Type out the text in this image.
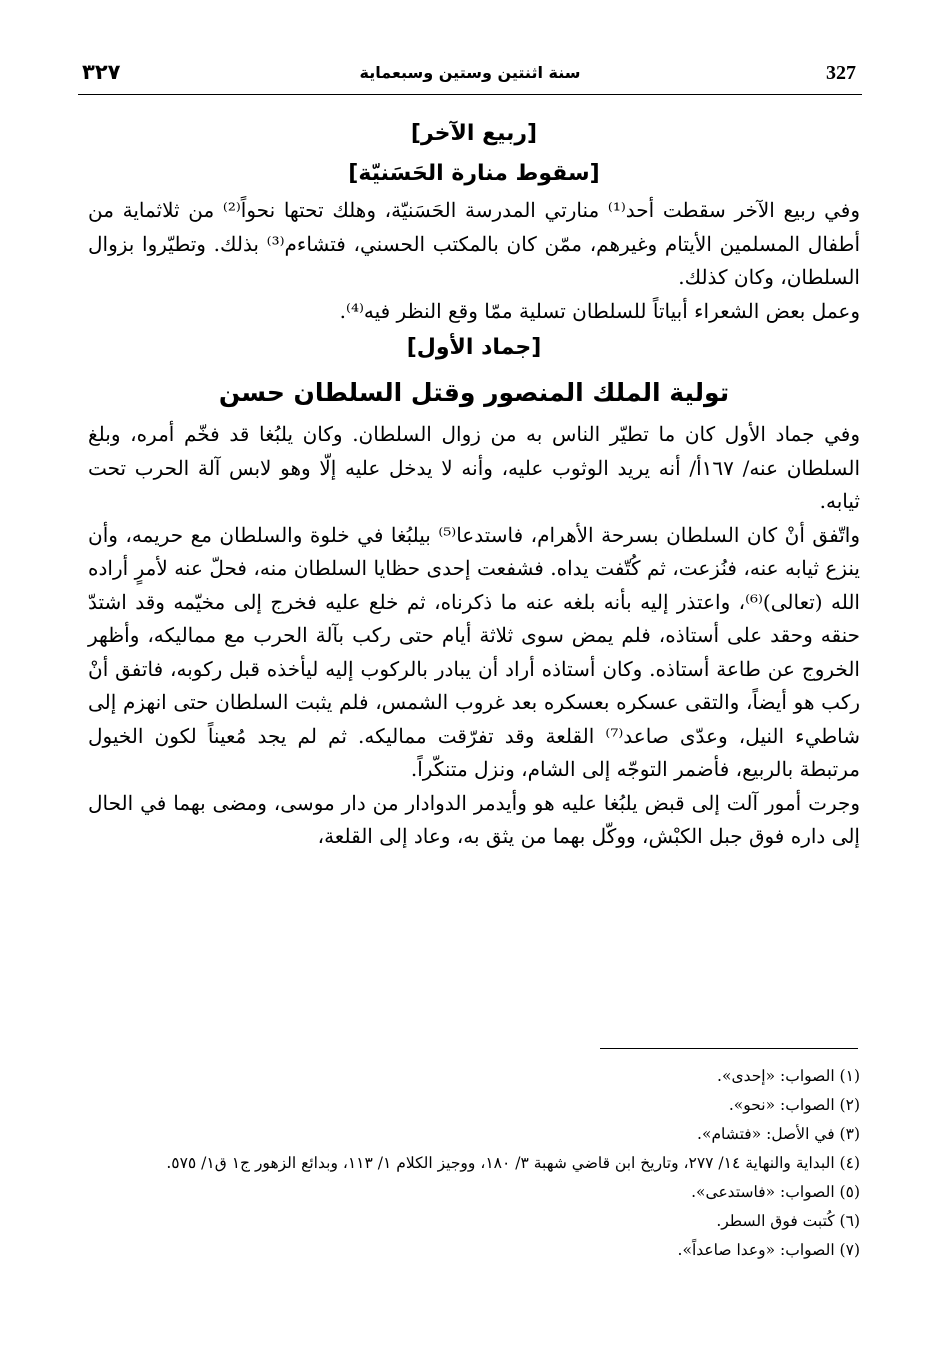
327
سنة اثنتين وستين وسبعماية
٣٢٧
[ربيع الآخر]
[سقوط منارة الحَسَنيّة]

وفي ربيع الآخر سقطت أحد⁽¹⁾ منارتي المدرسة الحَسَنيّة، وهلك تحتها نحواً⁽²⁾ من ثلاثماية من أطفال المسلمين الأيتام وغيرهم، ممّن كان بالمكتب الحسني، فتشاءم⁽³⁾ بذلك. وتطيّروا بزوال السلطان، وكان كذلك.

وعمل بعض الشعراء أبياتاً للسلطان تسلية ممّا وقع النظر فيه⁽⁴⁾.

[جماد الأول]
تولية الملك المنصور وقتل السلطان حسن

وفي جماد الأول كان ما تطيّر الناس به من زوال السلطان. وكان يلبُغا قد فخّم أمره، وبلغ السلطان عنه/ ١٦٧أ/ أنه يريد الوثوب عليه، وأنه لا يدخل عليه إلّا وهو لابس آلة الحرب تحت ثيابه.

واتّفق أنْ كان السلطان بسرحة الأهرام، فاستدعا⁽⁵⁾ بيلبُغا في خلوة والسلطان مع حريمه، وأن ينزع ثيابه عنه، فنُزعت، ثم كُتّفت يداه. فشفعت إحدى حظايا السلطان منه، فحلّ عنه لأمرٍ أراده الله (تعالى)⁽⁶⁾، واعتذر إليه بأنه بلغه عنه ما ذكرناه، ثم خلع عليه فخرج إلى مخيّمه وقد اشتدّ حنقه وحقد على أستاذه، فلم يمض سوى ثلاثة أيام حتى ركب بآلة الحرب مع مماليكه، وأظهر الخروج عن طاعة أستاذه. وكان أستاذه أراد أن يبادر بالركوب إليه ليأخذه قبل ركوبه، فاتفق أنْ ركب هو أيضاً، والتقى عسكره بعسكره بعد غروب الشمس، فلم يثبت السلطان حتى انهزم إلى شاطيء النيل، وعدّى صاعد⁽⁷⁾ القلعة وقد تفرّقت مماليكه. ثم لم يجد مُعيناً لكون الخيول مرتبطة بالربيع، فأضمر التوجّه إلى الشام، ونزل متنكّراً.

وجرت أمور آلت إلى قبض يلبُغا عليه هو وأيدمر الدوادار من دار موسى، ومضى بهما في الحال إلى داره فوق جبل الكبْش، ووكّل بهما من يثق به، وعاد إلى القلعة،

(١) الصواب: «إحدى».

(٢) الصواب: «نحو».

(٣) في الأصل: «فتشام».

(٤) البداية والنهاية ١٤/ ٢٧٧، وتاريخ ابن قاضي شهبة ٣/ ١٨٠، ووجيز الكلام ١/ ١١٣، وبدائع الزهور ج١ ق١/ ٥٧٥.

(٥) الصواب: «فاستدعى».

(٦) كُتبت فوق السطر.

(٧) الصواب: «وعدا صاعداً».
